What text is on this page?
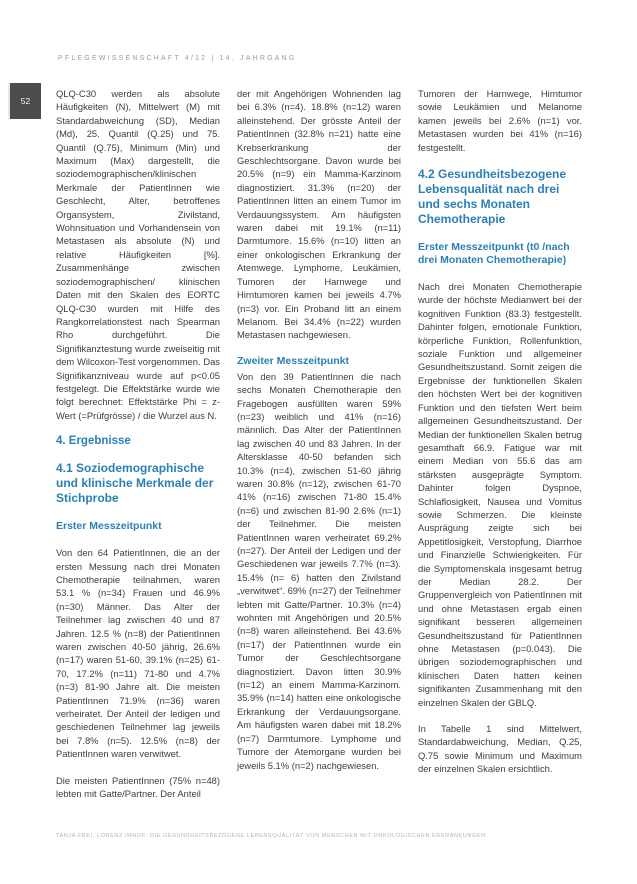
PFLEGEWISSENSCHAFT 4/12 | 14. JAHRGANG
52

QLQ-C30 werden als absolute Häufigkeiten (N), Mittelwert (M) mit Standardabweichung (SD), Median (Md), 25. Quantil (Q.25) und 75. Quantil (Q.75), Minimum (Min) und Maximum (Max) dargestellt, die soziodemographischen/klinischen Merkmale der PatientInnen wie Geschlecht, Alter, betroffenes Organsystem, Zivilstand, Wohnsituation und Vorhandensein von Metastasen als absolute (N) und relative Häufigkeiten [%]. Zusammenhänge zwischen soziodemographischen/ klinischen Daten mit den Skalen des EORTC QLQ-C30 wurden mit Hilfe des Rangkorrelationstest nach Spearman Rho durchgeführt. Die Signifikanztestung wurde zweiseitig mit dem Wilcoxon-Test vorgenommen. Das Signifikanzniveau wurde auf p<0.05 festgelegt. Die Effektstärke wurde wie folgt berechnet: Effektstärke Phi = z-Wert (=Prüfgrösse) / die Wurzel aus N.

4. Ergebnisse
4.1 Soziodemographische und klinische Merkmale der Stichprobe
Erster Messzeitpunkt

Von den 64 PatientInnen, die an der ersten Messung nach drei Monaten Chemotherapie teilnahmen, waren 53.1 % (n=34) Frauen und 46.9% (n=30) Männer. Das Alter der Teilnehmer lag zwischen 40 und 87 Jahren. 12.5 % (n=8) der PatientInnen waren zwischen 40-50 jährig, 26.6% (n=17) waren 51-60, 39.1% (n=25) 61-70, 17.2% (n=11) 71-80 und 4.7% (n=3) 81-90 Jahre alt. Die meisten PatientInnen 71.9% (n=36) waren verheiratet. Der Anteil der ledigen und geschiedenen Teilnehmer lag jeweils bei 7.8% (n=5). 12.5% (n=8) der PatientInnen waren verwitwet.

Die meisten PatientInnen (75% n=48) lebten mit Gatte/Partner. Der Anteil

der mit Angehörigen Wohnenden lag bei 6.3% (n=4). 18.8% (n=12) waren alleinstehend. Der grösste Anteil der PatientInnen (32.8% n=21) hatte eine Krebserkrankung der Geschlechtsorgane. Davon wurde bei 20.5% (n=9) ein Mamma-Karzinom diagnostiziert. 31.3% (n=20) der PatientInnen litten an einem Tumor im Verdauungssystem. Am häufigsten waren dabei mit 19.1% (n=11) Darmtumore. 15.6% (n=10) litten an einer onkologischen Erkrankung der Atemwege. Lymphome, Leukämien, Tumoren der Harnwege und Hirntumoren kamen bei jeweils 4.7% (n=3) vor. Ein Proband litt an einem Melanom. Bei 34.4% (n=22) wurden Metastasen nachgewiesen.

Zweiter Messzeitpunkt

Von den 39 PatientInnen die nach sechs Monaten Chemotherapie den Fragebogen ausfüllten waren 59% (n=23) weiblich und 41% (n=16) männlich. Das Alter der PatientInnen lag zwischen 40 und 83 Jahren. In der Altersklasse 40-50 befanden sich 10.3% (n=4), zwischen 51-60 jährig waren 30.8% (n=12), zwischen 61-70 41% (n=16) zwischen 71-80 15.4% (n=6) und zwischen 81-90 2.6% (n=1) der Teilnehmer. Die meisten PatientInnen waren verheiratet 69.2% (n=27). Der Anteil der Ledigen und der Geschiedenen war jeweils 7.7% (n=3). 15.4% (n= 6) hatten den Zivilstand „verwitwet“. 69% (n=27) der Teilnehmer lebten mit Gatte/Partner. 10.3% (n=4) wohnten mit Angehörigen und 20.5% (n=8) waren alleinstehend. Bei 43.6% (n=17) der PatientInnen wurde ein Tumor der Geschlechtsorgane diagnostiziert. Davon litten 30.9% (n=12) an einem Mamma-Karzinom. 35.9% (n=14) hatten eine onkologische Erkrankung der Verdauungsorgane. Am häufigsten waren dabei mit 18.2% (n=7) Darmtumore. Lymphome und Tumore der Atemorgane wurden bei jeweils 5.1% (n=2) nachgewiesen.

Tumoren der Harnwege, Hirntumor sowie Leukämien und Melanome kamen jeweils bei 2.6% (n=1) vor. Metastasen wurden bei 41% (n=16) festgestellt.

4.2 Gesundheitsbezogene Lebensqualität nach drei und sechs Monaten Chemotherapie
Erster Messzeitpunkt (t0 /nach drei Monaten Chemotherapie)

Nach drei Monaten Chemotherapie wurde der höchste Medianwert bei der kognitiven Funktion (83.3) festgestellt. Dahinter folgen, emotionale Funktion, körperliche Funktion, Rollenfunktion, soziale Funktion und allgemeiner Gesundheitszustand. Somit zeigen die Ergebnisse der funktionellen Skalen den höchsten Wert bei der kognitiven Funktion und den tiefsten Wert beim allgemeinen Gesundheitszustand. Der Median der funktionellen Skalen betrug gesamthaft 66.9. Fatigue war mit einem Median von 55.6 das am stärksten ausgeprägte Symptom. Dahinter folgen Dyspnoe, Schlaflosigkeit, Nausea und Vomitus sowie Schmerzen. Die kleinste Ausprägung zeigte sich bei Appetitlosigkeit, Verstopfung, Diarrhoe und Finanzielle Schwierigkeiten. Für die Symptomenskala insgesamt betrug der Median 28.2. Der Gruppenvergleich von PatientInnen mit und ohne Metastasen ergab einen signifikant besseren allgemeinen Gesundheitszustand für PatientInnen ohne Metastasen (p=0.043). Die übrigen soziodemographischen und klinischen Daten hatten keinen signifikanten Zusammenhang mit den einzelnen Skalen der GBLQ.

In Tabelle 1 sind Mittelwert, Standardabweichung, Median, Q.25, Q.75 sowie Minimum und Maximum der einzelnen Skalen ersichtlich.

TANJA FREI, LORENZ IMHOF: DIE GESUNDHEITSBEZOGENE LEBENSQUALITÄT VON MENSCHEN MIT ONKOLOGISCHEN ERKRANKUNGEN
